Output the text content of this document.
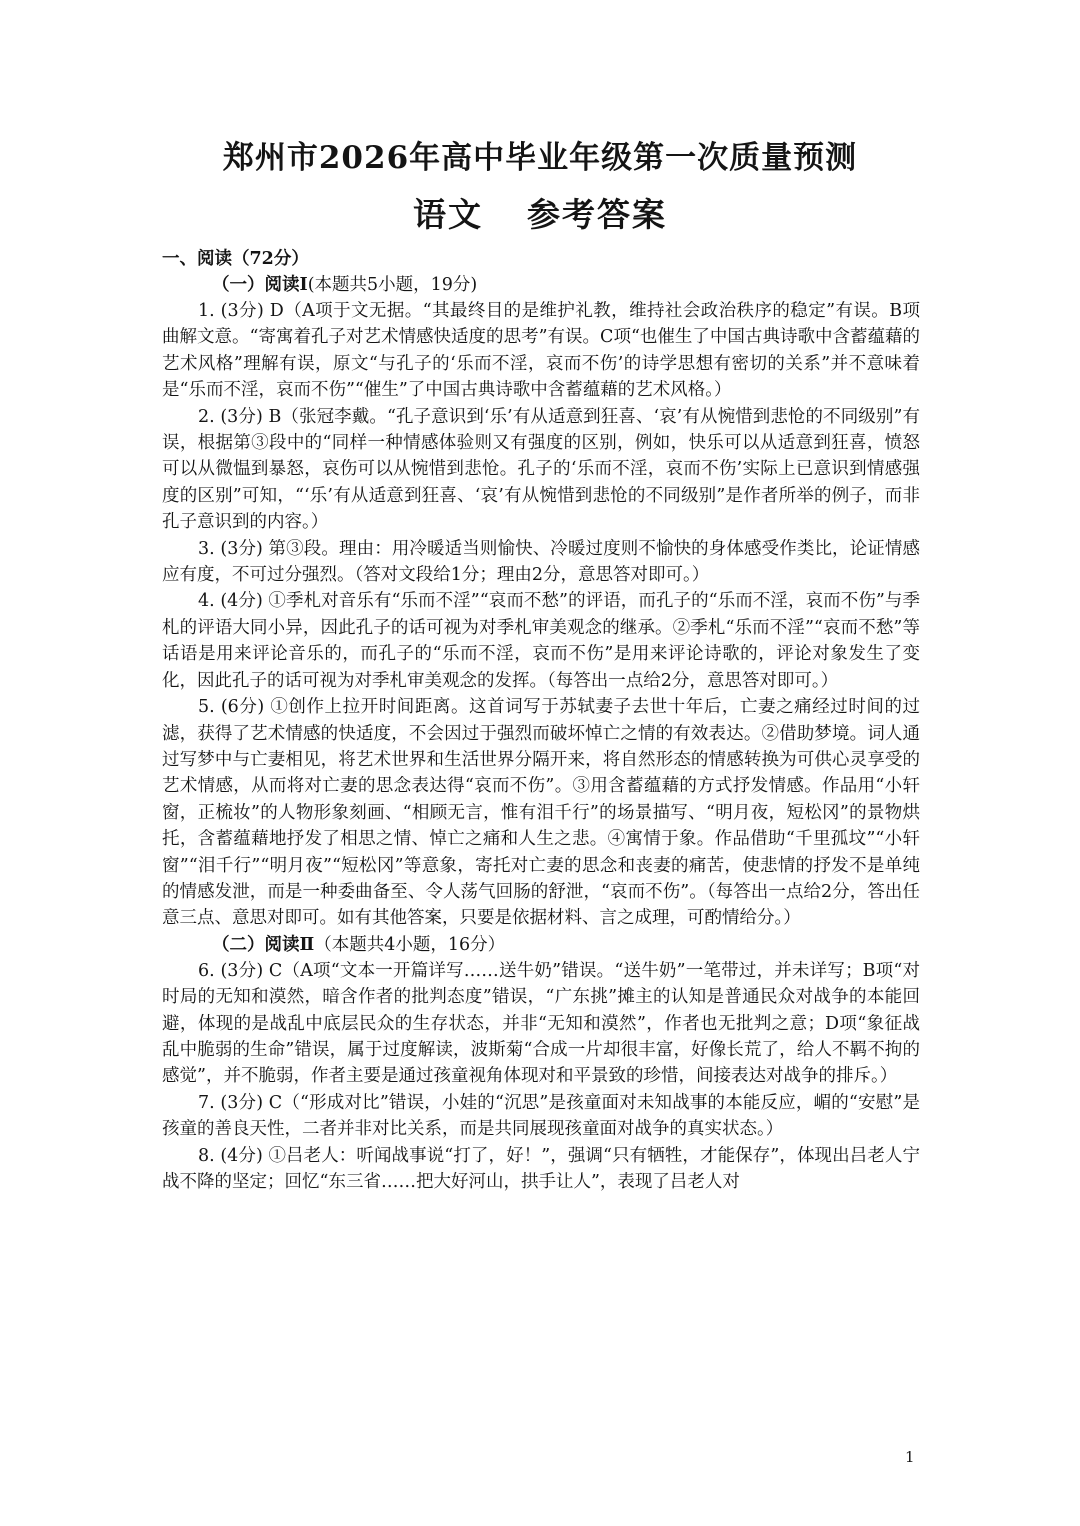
郑州市2026年高中毕业年级第一次质量预测
语文 参考答案

一、阅读（72分）

（一）阅读Ⅰ(本题共5小题，19分)

1. (3分) D（A项于文无据。“其最终目的是维护礼教，维持社会政治秩序的稳定”有误。B项曲解文意。“寄寓着孔子对艺术情感快适度的思考”有误。C项“也催生了中国古典诗歌中含蓄蕴藉的艺术风格”理解有误，原文“与孔子的‘乐而不淫，哀而不伤’的诗学思想有密切的关系”并不意味着是“乐而不淫，哀而不伤”“催生”了中国古典诗歌中含蓄蕴藉的艺术风格。）

2. (3分) B（张冠李戴。“孔子意识到‘乐’有从适意到狂喜、‘哀’有从惋惜到悲怆的不同级别”有误，根据第③段中的“同样一种情感体验则又有强度的区别，例如，快乐可以从适意到狂喜，愤怒可以从微愠到暴怒，哀伤可以从惋惜到悲怆。孔子的‘乐而不淫，哀而不伤’实际上已意识到情感强度的区别”可知，“‘乐’有从适意到狂喜、‘哀’有从惋惜到悲怆的不同级别”是作者所举的例子，而非孔子意识到的内容。）

3. (3分) 第③段。理由：用冷暖适当则愉快、冷暖过度则不愉快的身体感受作类比，论证情感应有度，不可过分强烈。（答对文段给1分；理由2分，意思答对即可。）

4. (4分) ①季札对音乐有“乐而不淫”“哀而不愁”的评语，而孔子的“乐而不淫，哀而不伤”与季札的评语大同小异，因此孔子的话可视为对季札审美观念的继承。②季札“乐而不淫”“哀而不愁”等话语是用来评论音乐的，而孔子的“乐而不淫，哀而不伤”是用来评论诗歌的，评论对象发生了变化，因此孔子的话可视为对季札审美观念的发挥。（每答出一点给2分，意思答对即可。）

5. (6分) ①创作上拉开时间距离。这首词写于苏轼妻子去世十年后，亡妻之痛经过时间的过滤，获得了艺术情感的快适度，不会因过于强烈而破坏悼亡之情的有效表达。②借助梦境。词人通过写梦中与亡妻相见，将艺术世界和生活世界分隔开来，将自然形态的情感转换为可供心灵享受的艺术情感，从而将对亡妻的思念表达得“哀而不伤”。③用含蓄蕴藉的方式抒发情感。作品用“小轩窗，正梳妆”的人物形象刻画、“相顾无言，惟有泪千行”的场景描写、“明月夜，短松冈”的景物烘托，含蓄蕴藉地抒发了相思之情、悼亡之痛和人生之悲。④寓情于象。作品借助“千里孤坟”“小轩窗”“泪千行”“明月夜”“短松冈”等意象，寄托对亡妻的思念和丧妻的痛苦，使悲情的抒发不是单纯的情感发泄，而是一种委曲备至、令人荡气回肠的舒泄，“哀而不伤”。（每答出一点给2分，答出任意三点、意思对即可。如有其他答案，只要是依据材料、言之成理，可酌情给分。）

（二）阅读Ⅱ（本题共4小题，16分）

6. (3分) C（A项“文本一开篇详写……送牛奶”错误。“送牛奶”一笔带过，并未详写；B项“对时局的无知和漠然，暗含作者的批判态度”错误，“广东挑”摊主的认知是普通民众对战争的本能回避，体现的是战乱中底层民众的生存状态，并非“无知和漠然”，作者也无批判之意；D项“象征战乱中脆弱的生命”错误，属于过度解读，波斯菊“合成一片却很丰富，好像长荒了，给人不羁不拘的感觉”，并不脆弱，作者主要是通过孩童视角体现对和平景致的珍惜，间接表达对战争的排斥。）

7. (3分) C（“形成对比”错误，小娃的“沉思”是孩童面对未知战事的本能反应，嵋的“安慰”是孩童的善良天性，二者并非对比关系，而是共同展现孩童面对战争的真实状态。）

8. (4分) ①吕老人：听闻战事说“打了，好！”，强调“只有牺牲，才能保存”，体现出吕老人宁战不降的坚定；回忆“东三省……把大好河山，拱手让人”，表现了吕老人对

1
